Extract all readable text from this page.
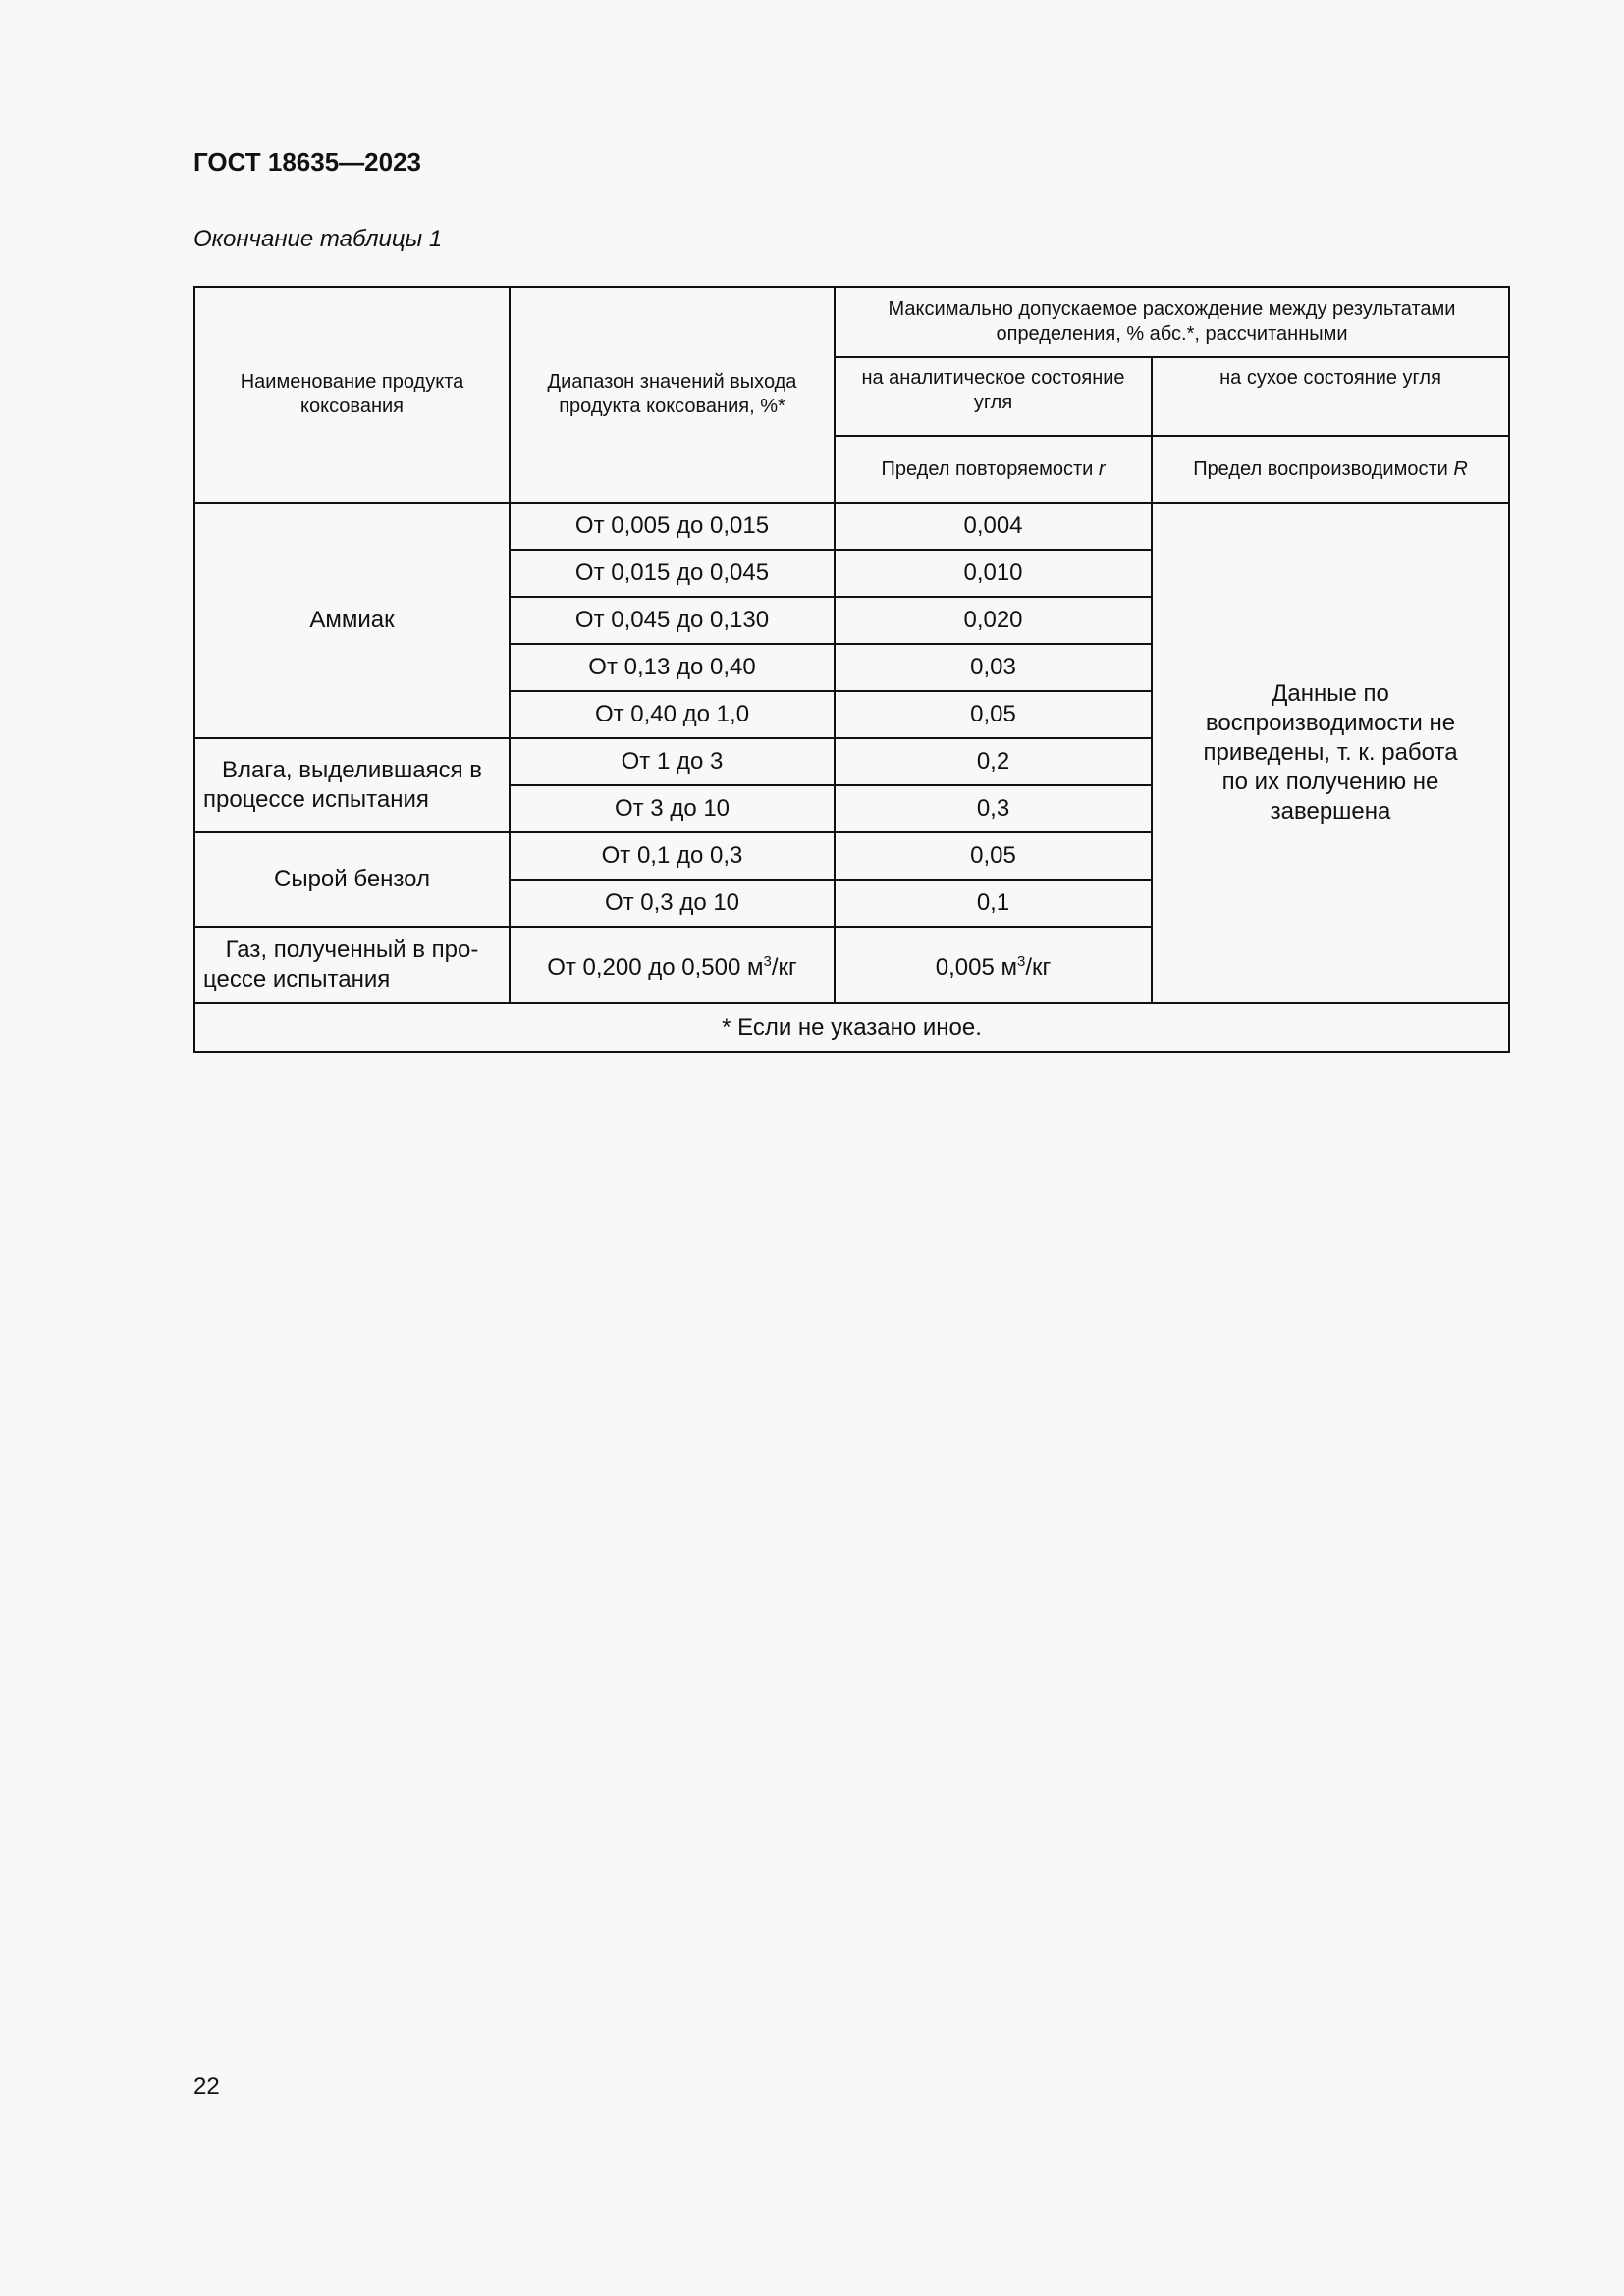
ГОСТ 18635—2023
Окончание таблицы 1
Наименование продукта коксования	Диапазон значений выхода продукта коксования, %*	Максимально допускаемое расхождение между результатами определения, % абс.*, рассчитанными	
		на аналитическое состояние угля	на сухое состояние угля
		Предел повторяемости r	Предел воспроизводимости R
Аммиак	От 0,005 до 0,015	0,004	Данные по воспроизводимости не приведены, т. к. работа по их получению не завершена
	От 0,015 до 0,045	0,010	
	От 0,045 до 0,130	0,020	
	От 0,13 до 0,40	0,03	
	От 0,40 до 1,0	0,05	
Влага, выделившаяся в процессе испытания	От 1 до 3	0,2	
	От 3 до 10	0,3	
Сырой бензол	От 0,1 до 0,3	0,05	
	От 0,3 до 10	0,1	
Газ, полученный в про-цессе испытания	От 0,200 до 0,500 $м^3/кг$	0,005 $м^3/кг$	
* Если не указано иное.			
22
